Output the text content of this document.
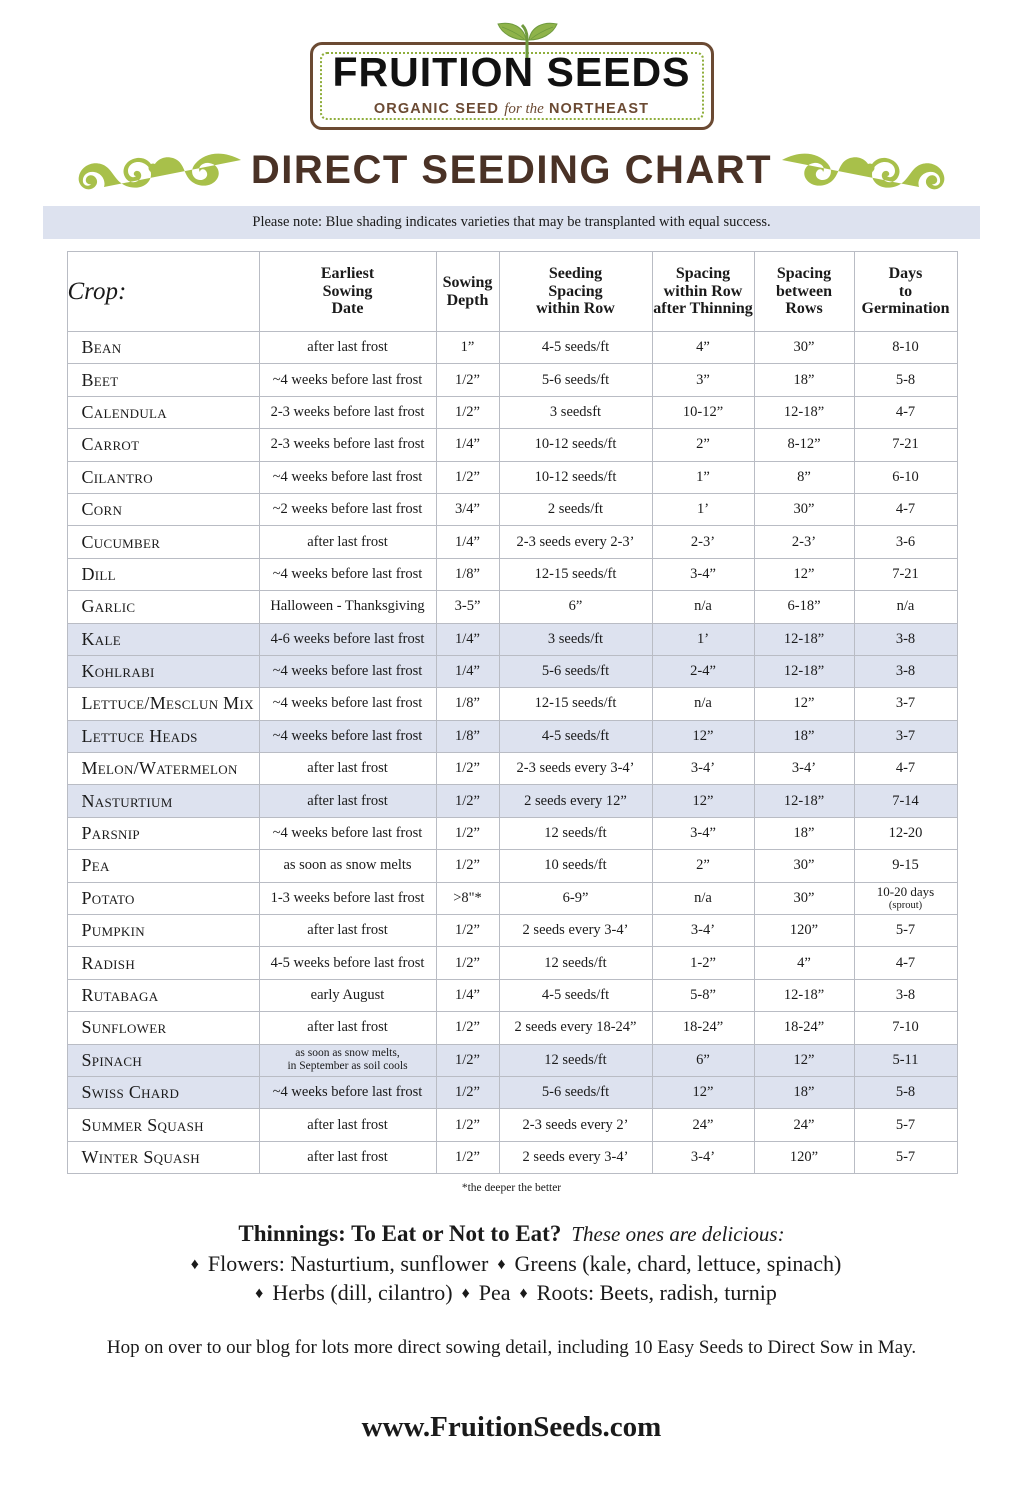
FRUITION SEEDS
ORGANIC SEED for the NORTHEAST
DIRECT SEEDING CHART
Please note: Blue shading indicates varieties that may be transplanted with equal success.
Crop:	
Earliest
Sowing
Date

Sowing
Depth

Seeding
Spacing
within Row

Spacing
within Row
after Thinning

Spacing
between
Rows

Days
to
Germination

Bean	after last frost	1”	4-5 seeds/ft	4”	30”	8-10
Beet	~4 weeks before last frost	1/2”	5-6 seeds/ft	3”	18”	5-8
Calendula	2-3 weeks before last frost	1/2”	3 seedsft	10-12”	12-18”	4-7
Carrot	2-3 weeks before last frost	1/4”	10-12 seeds/ft	2”	8-12”	7-21
Cilantro	~4 weeks before last frost	1/2”	10-12 seeds/ft	1”	8”	6-10
Corn	~2 weeks before last frost	3/4”	2 seeds/ft	1’	30”	4-7
Cucumber	after last frost	1/4”	2-3 seeds every 2-3’	2-3’	2-3’	3-6
Dill	~4 weeks before last frost	1/8”	12-15 seeds/ft	3-4”	12”	7-21
Garlic	Halloween - Thanksgiving	3-5”	6”	n/a	6-18”	n/a
Kale	4-6 weeks before last frost	1/4”	3 seeds/ft	1’	12-18”	3-8
Kohlrabi	~4 weeks before last frost	1/4”	5-6 seeds/ft	2-4”	12-18”	3-8
Lettuce/Mesclun Mix	~4 weeks before last frost	1/8”	12-15 seeds/ft	n/a	12”	3-7
Lettuce Heads	~4 weeks before last frost	1/8”	4-5 seeds/ft	12”	18”	3-7
Melon/Watermelon	after last frost	1/2”	2-3 seeds every 3-4’	3-4’	3-4’	4-7
Nasturtium	after last frost	1/2”	2 seeds every 12”	12”	12-18”	7-14
Parsnip	~4 weeks before last frost	1/2”	12 seeds/ft	3-4”	18”	12-20
Pea	as soon as snow melts	1/2”	10 seeds/ft	2”	30”	9-15
Potato	1-3 weeks before last frost	>8"*	6-9”	n/a	30”	10-20 days
(sprout)

Pumpkin	after last frost	1/2”	2 seeds every 3-4’	3-4’	120”	5-7
Radish	4-5 weeks before last frost	1/2”	12 seeds/ft	1-2”	4”	4-7
Rutabaga	early August	1/4”	4-5 seeds/ft	5-8”	12-18”	3-8
Sunflower	after last frost	1/2”	2 seeds every 18-24”	18-24”	18-24”	7-10
Spinach	as soon as snow melts,
in September as soil cools	1/2”	12 seeds/ft	6”	12”	5-11
Swiss Chard	~4 weeks before last frost	1/2”	5-6 seeds/ft	12”	18”	5-8
Summer Squash	after last frost	1/2”	2-3 seeds every 2’	24”	24”	5-7
Winter Squash	after last frost	1/2”	2 seeds every 3-4’	3-4’	120”	5-7
*the deeper the better
Thinnings: To Eat or Not to Eat? These ones are delicious:
♦ Flowers: Nasturtium, sunflower ♦ Greens (kale, chard, lettuce, spinach)
♦ Herbs (dill, cilantro) ♦ Pea ♦ Roots: Beets, radish, turnip
Hop on over to our blog for lots more direct sowing detail, including 10 Easy Seeds to Direct Sow in May.
www.FruitionSeeds.com
